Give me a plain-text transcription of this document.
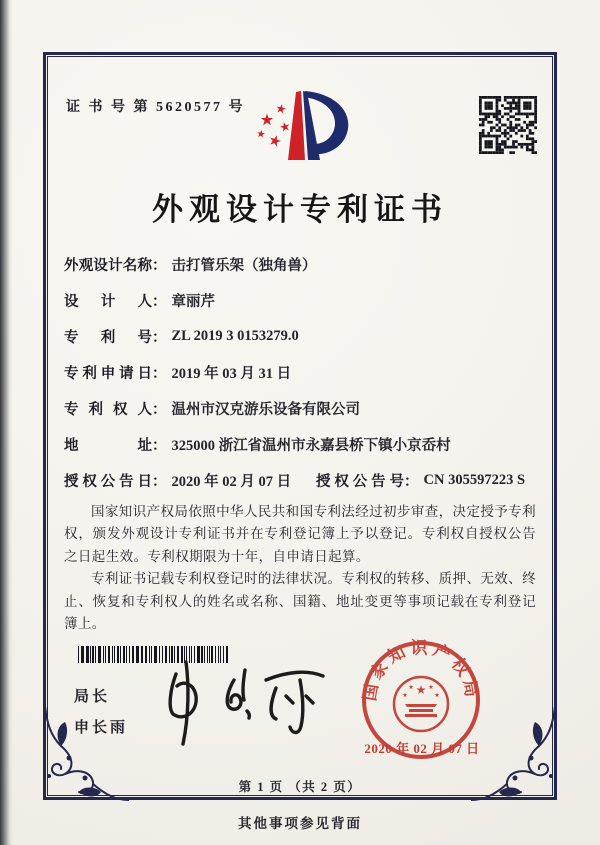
证 书 号 第 5620577 号
外观设计专利证书
外观设计名称 ： 击打管乐架（独角兽）
设计人 ： 章丽芹
专利号 ： ZL 2019 3 0153279.0
专利申请日 ： 2019 年 03 月 31 日
专利权人 ： 温州市汉克游乐设备有限公司
地址 ： 325000 浙江省温州市永嘉县桥下镇小京岙村
授权公告日 ： 2020 年 02 月 07 日 授权公告号 ： CN 305597223 S

国家知识产权局依照中华人民共和国专利法经过初步审查，决定授予专利权，颁发外观设计专利证书并在专利登记簿上予以登记。专利权自授权公告之日起生效。专利权期限为十年，自申请日起算。

专利证书记载专利权登记时的法律状况。专利权的转移、质押、无效、终止、恢复和专利权人的姓名或名称、国籍、地址变更等事项记载在专利登记簿上。

局长
申长雨
国家知识产权局
2020 年 02 月 07 日
第 1 页 （共 2 页）
其他事项参见背面
